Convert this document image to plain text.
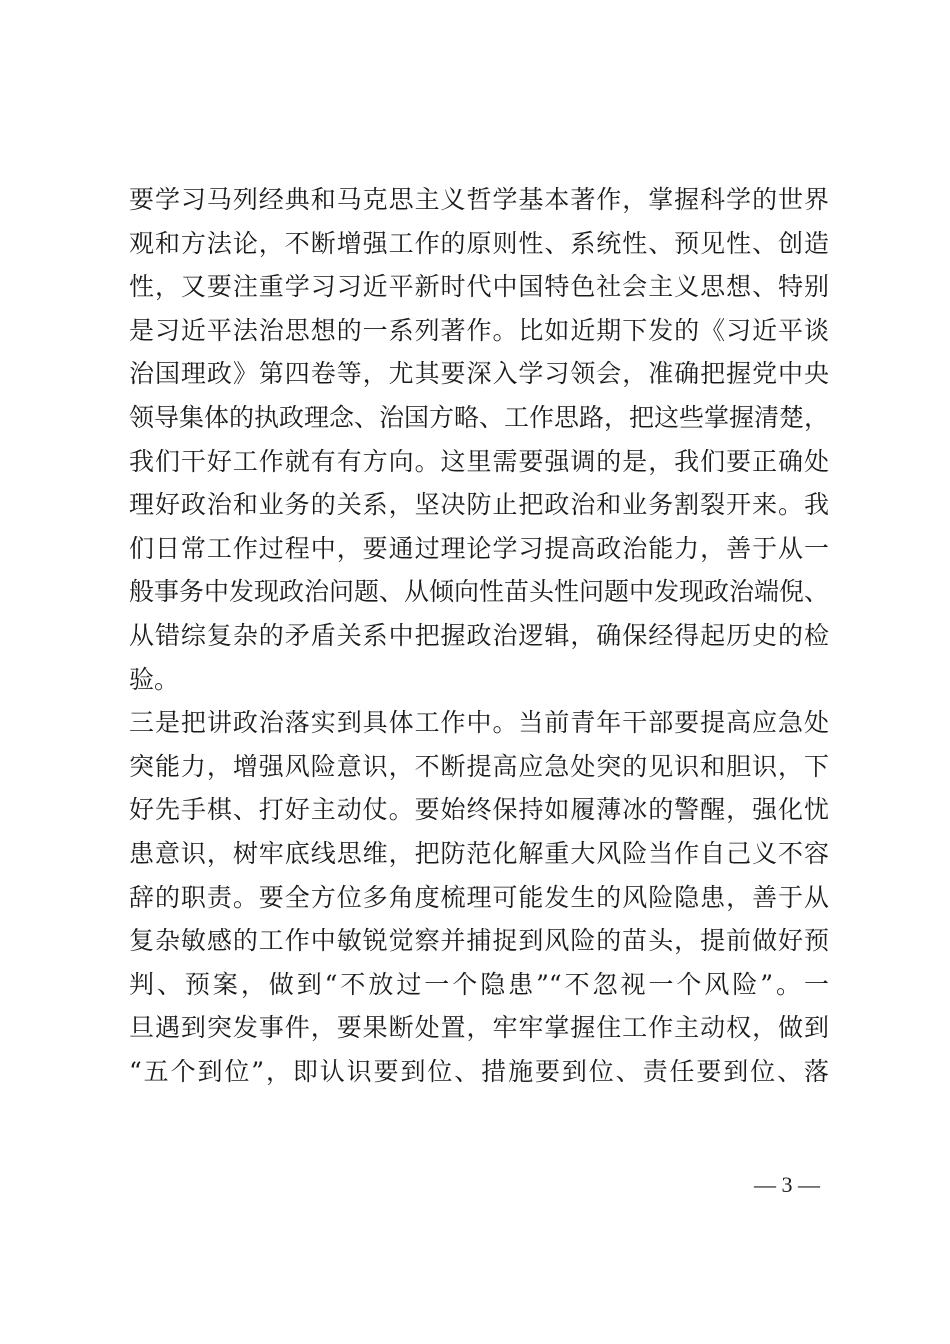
要学习马列经典和马克思主义哲学基本著作，掌握科学的世界
观和方法论，不断增强工作的原则性、系统性、预见性、创造
性，又要注重学习习近平新时代中国特色社会主义思想、特别
是习近平法治思想的一系列著作。比如近期下发的《习近平谈
治国理政》第四卷等，尤其要深入学习领会，准确把握党中央
领导集体的执政理念、治国方略、工作思路，把这些掌握清楚，
我们干好工作就有有方向。这里需要强调的是，我们要正确处
理好政治和业务的关系，坚决防止把政治和业务割裂开来。我
们日常工作过程中，要通过理论学习提高政治能力，善于从一
般事务中发现政治问题、从倾向性苗头性问题中发现政治端倪、
从错综复杂的矛盾关系中把握政治逻辑，确保经得起历史的检
验。
三是把讲政治落实到具体工作中。当前青年干部要提高应急处
突能力，增强风险意识，不断提高应急处突的见识和胆识，下
好先手棋、打好主动仗。要始终保持如履薄冰的警醒，强化忧
患意识，树牢底线思维，把防范化解重大风险当作自己义不容
辞的职责。要全方位多角度梳理可能发生的风险隐患，善于从
复杂敏感的工作中敏锐觉察并捕捉到风险的苗头，提前做好预
判、预案，做到“不放过一个隐患”“不忽视一个风险”。一
旦遇到突发事件，要果断处置，牢牢掌握住工作主动权，做到
“五个到位”，即认识要到位、措施要到位、责任要到位、落
— 3 —
